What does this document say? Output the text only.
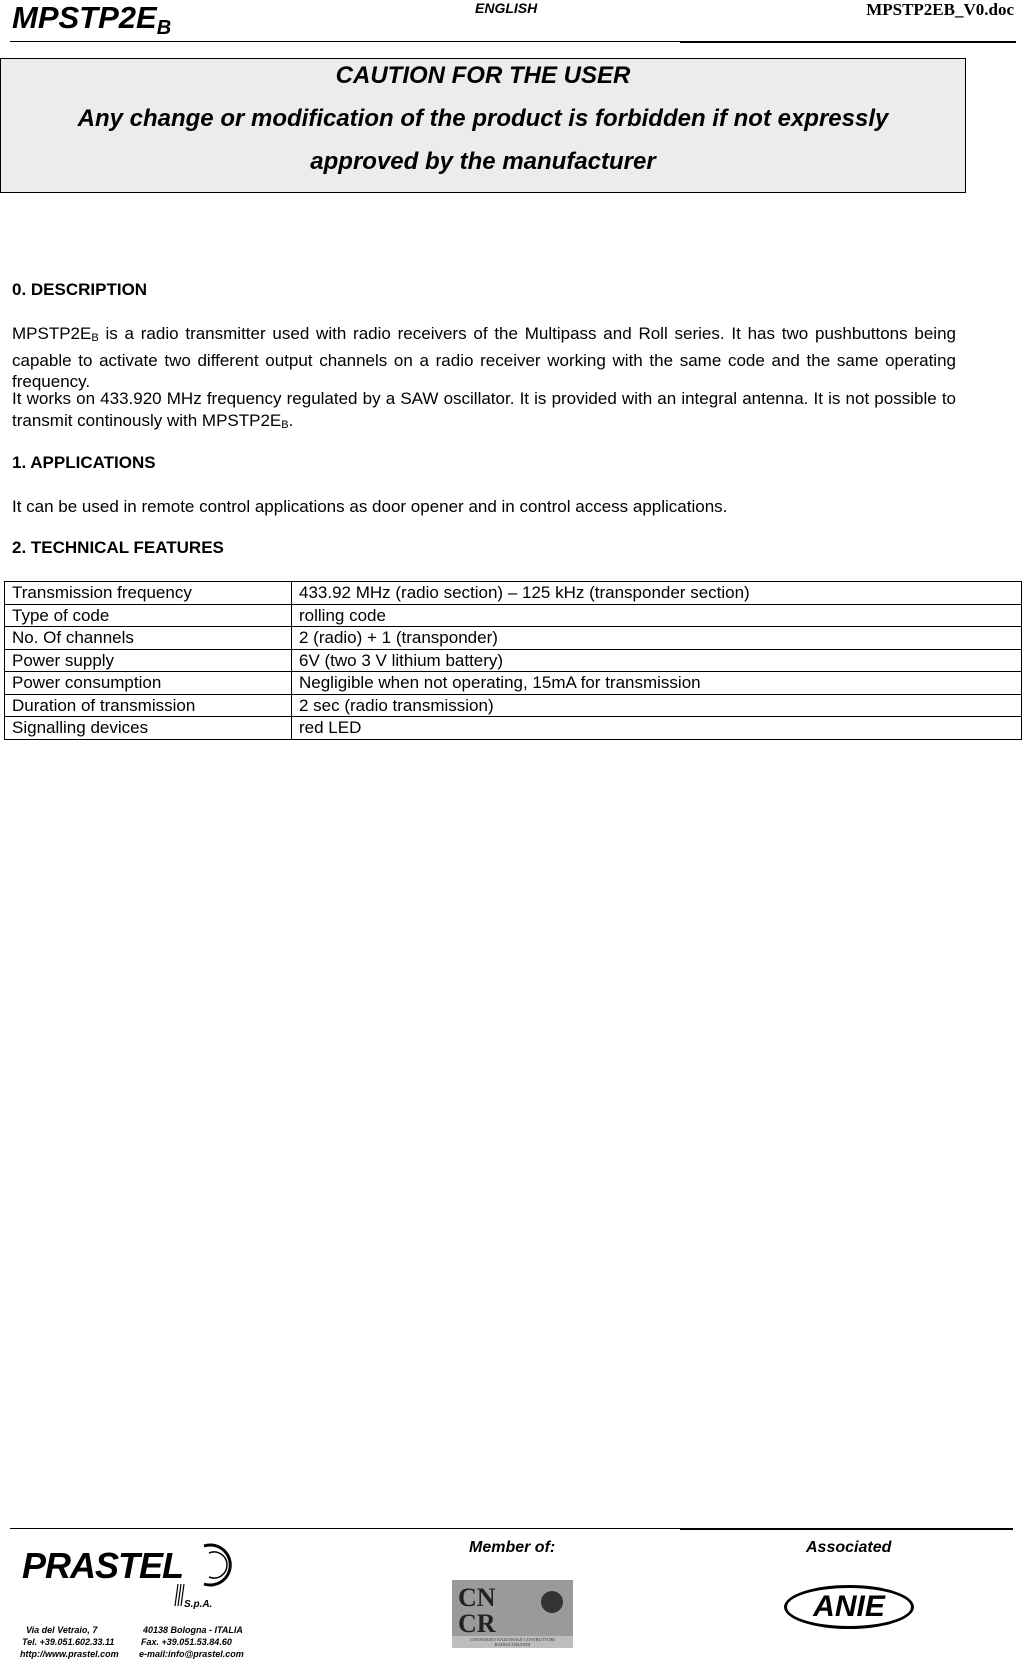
$MPSTP2E_B$
ENGLISH	MPSTP2EB_V0.doc
CAUTION FOR THE USER
Any change or modification of the product is forbidden if not expressly
approved by the manufacturer
0. DESCRIPTION
$MPSTP2E_B$ is a radio transmitter used with radio receivers of the Multipass and Roll series. It has two pushbuttons being capable to activate two different output channels on a radio receiver working with the same code and the same operating frequency.
It works on 433.920 MHz frequency regulated by a SAW oscillator. It is provided with an integral antenna. It is not possible to transmit continously with $MPSTP2E_B$.
1. APPLICATIONS
It can be used in remote control applications as door opener and in control access applications.
2. TECHNICAL FEATURES
Transmission frequency	433.92 MHz (radio section) – 125 kHz (transponder section)
Type of code	rolling code
No. Of channels	2 (radio) + 1 (transponder)
Power supply	6V (two 3 V lithium battery)
Power consumption	Negligible when not operating, 15mA for transmission
Duration of transmission	2 sec (radio transmission)
Signalling devices	red LED
PRASTEL
S.p.A.
Via del Vetraio, 7	40138 Bologna - ITALIA
Tel. +39.051.602.33.11	Fax. +39.051.53.84.60
http://www.prastel.com e-mail:info@prastel.com
Member of:
CN
CR
CONSORZIO NAZIONALE COSTRUTTORI RADIOCOMANDI
Associated
ANIE
